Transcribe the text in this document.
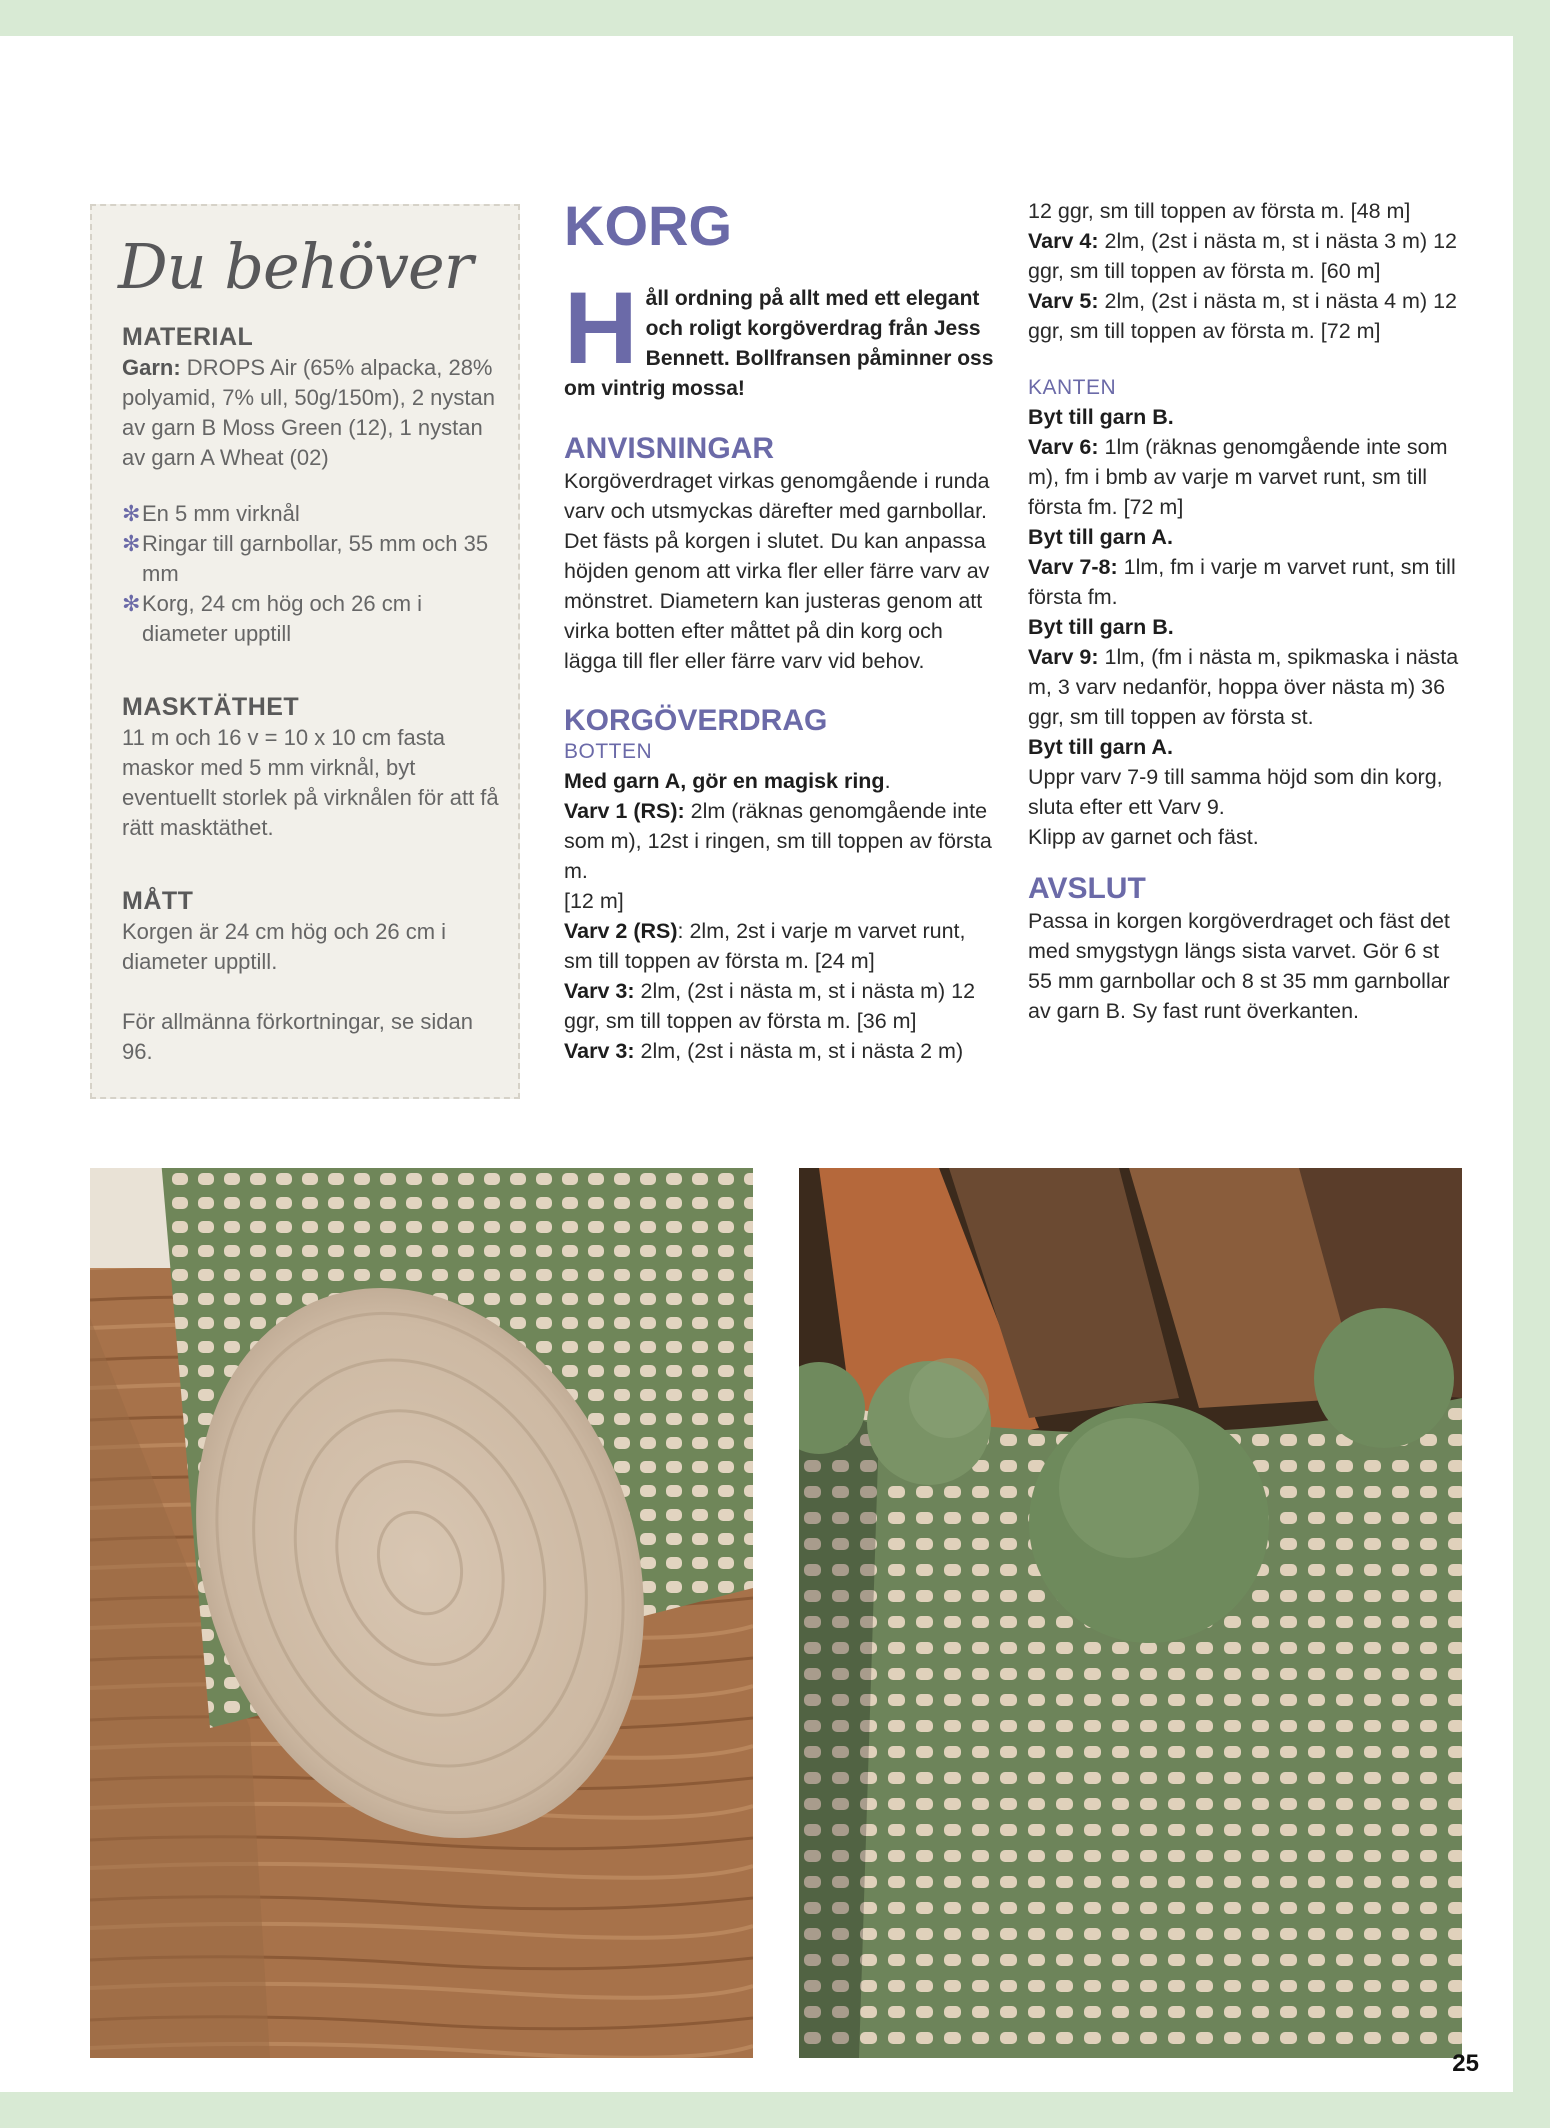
Du behöver

MATERIAL

Garn: DROPS Air (65% alpacka, 28% polyamid, 7% ull, 50g/150m), 2 nystan av garn B Moss Green (12), 1 nystan av garn A Wheat (02)

✻ En 5 mm virknål
✻ Ringar till garnbollar, 55 mm och 35 mm
✻ Korg, 24 cm hög och 26 cm i diameter upptill

MASKTÄTHET

11 m och 16 v = 10 x 10 cm fasta maskor med 5 mm virknål, byt eventuellt storlek på virknålen för att få rätt masktäthet.

MÅTT

Korgen är 24 cm hög och 26 cm i diameter upptill.

För allmänna förkortningar, se sidan 96.

KORG

Håll ordning på allt med ett elegant och roligt korgöverdrag från Jess Bennett. Bollfransen påminner oss om vintrig mossa!

ANVISNINGAR

Korgöverdraget virkas genomgående i runda varv och utsmyckas därefter med garnbollar. Det fästs på korgen i slutet. Du kan anpassa höjden genom att virka fler eller färre varv av mönstret. Diametern kan justeras genom att virka botten efter måttet på din korg och lägga till fler eller färre varv vid behov.

KORGÖVERDRAG

BOTTEN

Med garn A, gör en magisk ring.

Varv 1 (RS): 2lm (räknas genomgående inte som m), 12st i ringen, sm till toppen av första m.

[12 m]

Varv 2 (RS): 2lm, 2st i varje m varvet runt, sm till toppen av första m. [24 m]

Varv 3: 2lm, (2st i nästa m, st i nästa m) 12 ggr, sm till toppen av första m. [36 m]

Varv 3: 2lm, (2st i nästa m, st i nästa 2 m)

12 ggr, sm till toppen av första m. [48 m]

Varv 4: 2lm, (2st i nästa m, st i nästa 3 m) 12 ggr, sm till toppen av första m. [60 m]

Varv 5: 2lm, (2st i nästa m, st i nästa 4 m) 12 ggr, sm till toppen av första m. [72 m]

KANTEN

Byt till garn B.

Varv 6: 1lm (räknas genomgående inte som m), fm i bmb av varje m varvet runt, sm till första fm. [72 m]

Byt till garn A.

Varv 7-8: 1lm, fm i varje m varvet runt, sm till första fm.

Byt till garn B.

Varv 9: 1lm, (fm i nästa m, spikmaska i nästa m, 3 varv nedanför, hoppa över nästa m) 36 ggr, sm till toppen av första st.

Byt till garn A.

Uppr varv 7-9 till samma höjd som din korg, sluta efter ett Varv 9.

Klipp av garnet och fäst.

AVSLUT

Passa in korgen korgöverdraget och fäst det med smygstygn längs sista varvet. Gör 6 st 55 mm garnbollar och 8 st 35 mm garnbollar av garn B. Sy fast runt överkanten.

25
